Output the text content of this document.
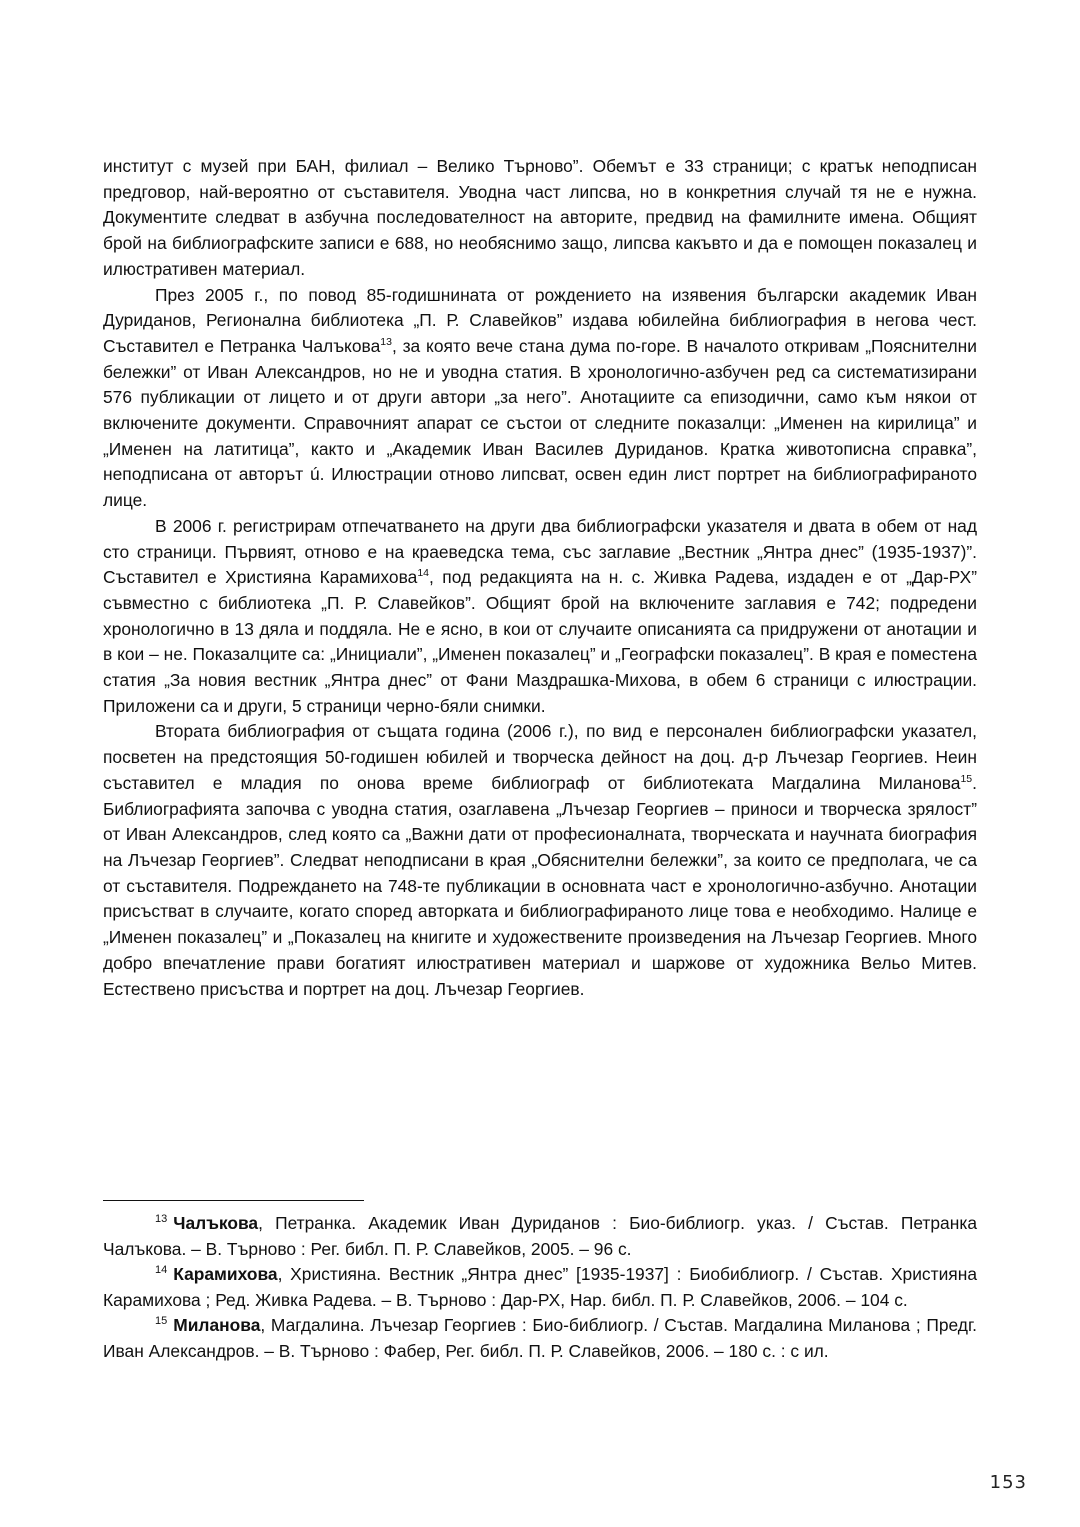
институт с музей при БАН, филиал – Велико Търново”. Обемът е 33 страници; с кратък неподписан предговор, най-вероятно от съставителя. Уводна част липсва, но в конкретния случай тя не е нужна. Документите следват в азбучна последователност на авторите, предвид на фамилните имена. Общият брой на библиографските записи е 688, но необяснимо защо, липсва какъвто и да е помощен показалец и илюстративен материал.

През 2005 г., по повод 85-годишнината от рождението на изявения български академик Иван Дуриданов, Регионална библиотека „П. Р. Славейков” издава юбилейна библиография в негова чест. Съставител е Петранка Чалъкова$^{13}$, за която вече стана дума по-горе. В началото откривам „Пояснителни бележки” от Иван Александров, но не и уводна статия. В хронологично-азбучен ред са систематизирани 576 публикации от лицето и от други автори „за него”. Анотациите са епизодични, само към някои от включените документи. Справочният апарат се състои от следните показалци: „Именен на кирилица” и „Именен на латитица”, както и „Академик Иван Василев Дуриданов. Кратка животописна справка”, неподписана от авторът ú. Илюстрации отново липсват, освен един лист портрет на библиографираното лице.

В 2006 г. регистрирам отпечатването на други два библиографски указателя и двата в обем от над сто страници. Първият, отново е на краеведска тема, със заглавие „Вестник „Янтра днес” (1935-1937)”. Съставител е Християна Карамихова$^{14}$, под редакцията на н. с. Живка Радева, издаден е от „Дар-РХ” съвместно с библиотека „П. Р. Славейков”. Общият брой на включените заглавия е 742; подредени хронологично в 13 дяла и поддяла. Не е ясно, в кои от случаите описанията са придружени от анотации и в кои – не. Показалците са: „Инициали”, „Именен показалец” и „Географски показалец”. В края е поместена статия „За новия вестник „Янтра днес” от Фани Маздрашка-Михова, в обем 6 страници с илюстрации. Приложени са и други, 5 страници черно-бяли снимки.

Втората библиография от същата година (2006 г.), по вид е персонален библиографски указател, посветен на предстоящия 50-годишен юбилей и творческа дейност на доц. д-р Лъчезар Георгиев. Неин съставител е младия по онова време библиограф от библиотеката Магдалина Миланова$^{15}$. Библиографията започва с уводна статия, озаглавена „Лъчезар Георгиев – приноси и творческа зрялост” от Иван Александров, след която са „Важни дати от професионалната, творческата и научната биография на Лъчезар Георгиев”. Следват неподписани в края „Обяснителни бележки”, за които се предполага, че са от съставителя. Подреждането на 748-те публикации в основната част е хронологично-азбучно. Анотации присъстват в случаите, когато според авторката и библиографираното лице това е необходимо. Налице е „Именен показалец” и „Показалец на книгите и художествените произведения на Лъчезар Георгиев. Много добро впечатление прави богатият илюстративен материал и шаржове от художника Вельо Митев. Естествено присъства и портрет на доц. Лъчезар Георгиев.

$^{13}$ Чалъкова, Петранка. Академик Иван Дуриданов : Био-библиогр. указ. / Състав. Петранка Чалъкова. – В. Търново : Рег. библ. П. Р. Славейков, 2005. – 96 с.

$^{14}$ Карамихова, Християна. Вестник „Янтра днес” [1935-1937] : Биобиблиогр. / Състав. Християна Карамихова ; Ред. Живка Радева. – В. Търново : Дар-РХ, Нар. библ. П. Р. Славейков, 2006. – 104 с.

$^{15}$ Миланова, Магдалина. Лъчезар Георгиев : Био-библиогр. / Състав. Магдалина Миланова ; Предг. Иван Александров. – В. Търново : Фабер, Рег. библ. П. Р. Славейков, 2006. – 180 с. : с ил.

153
